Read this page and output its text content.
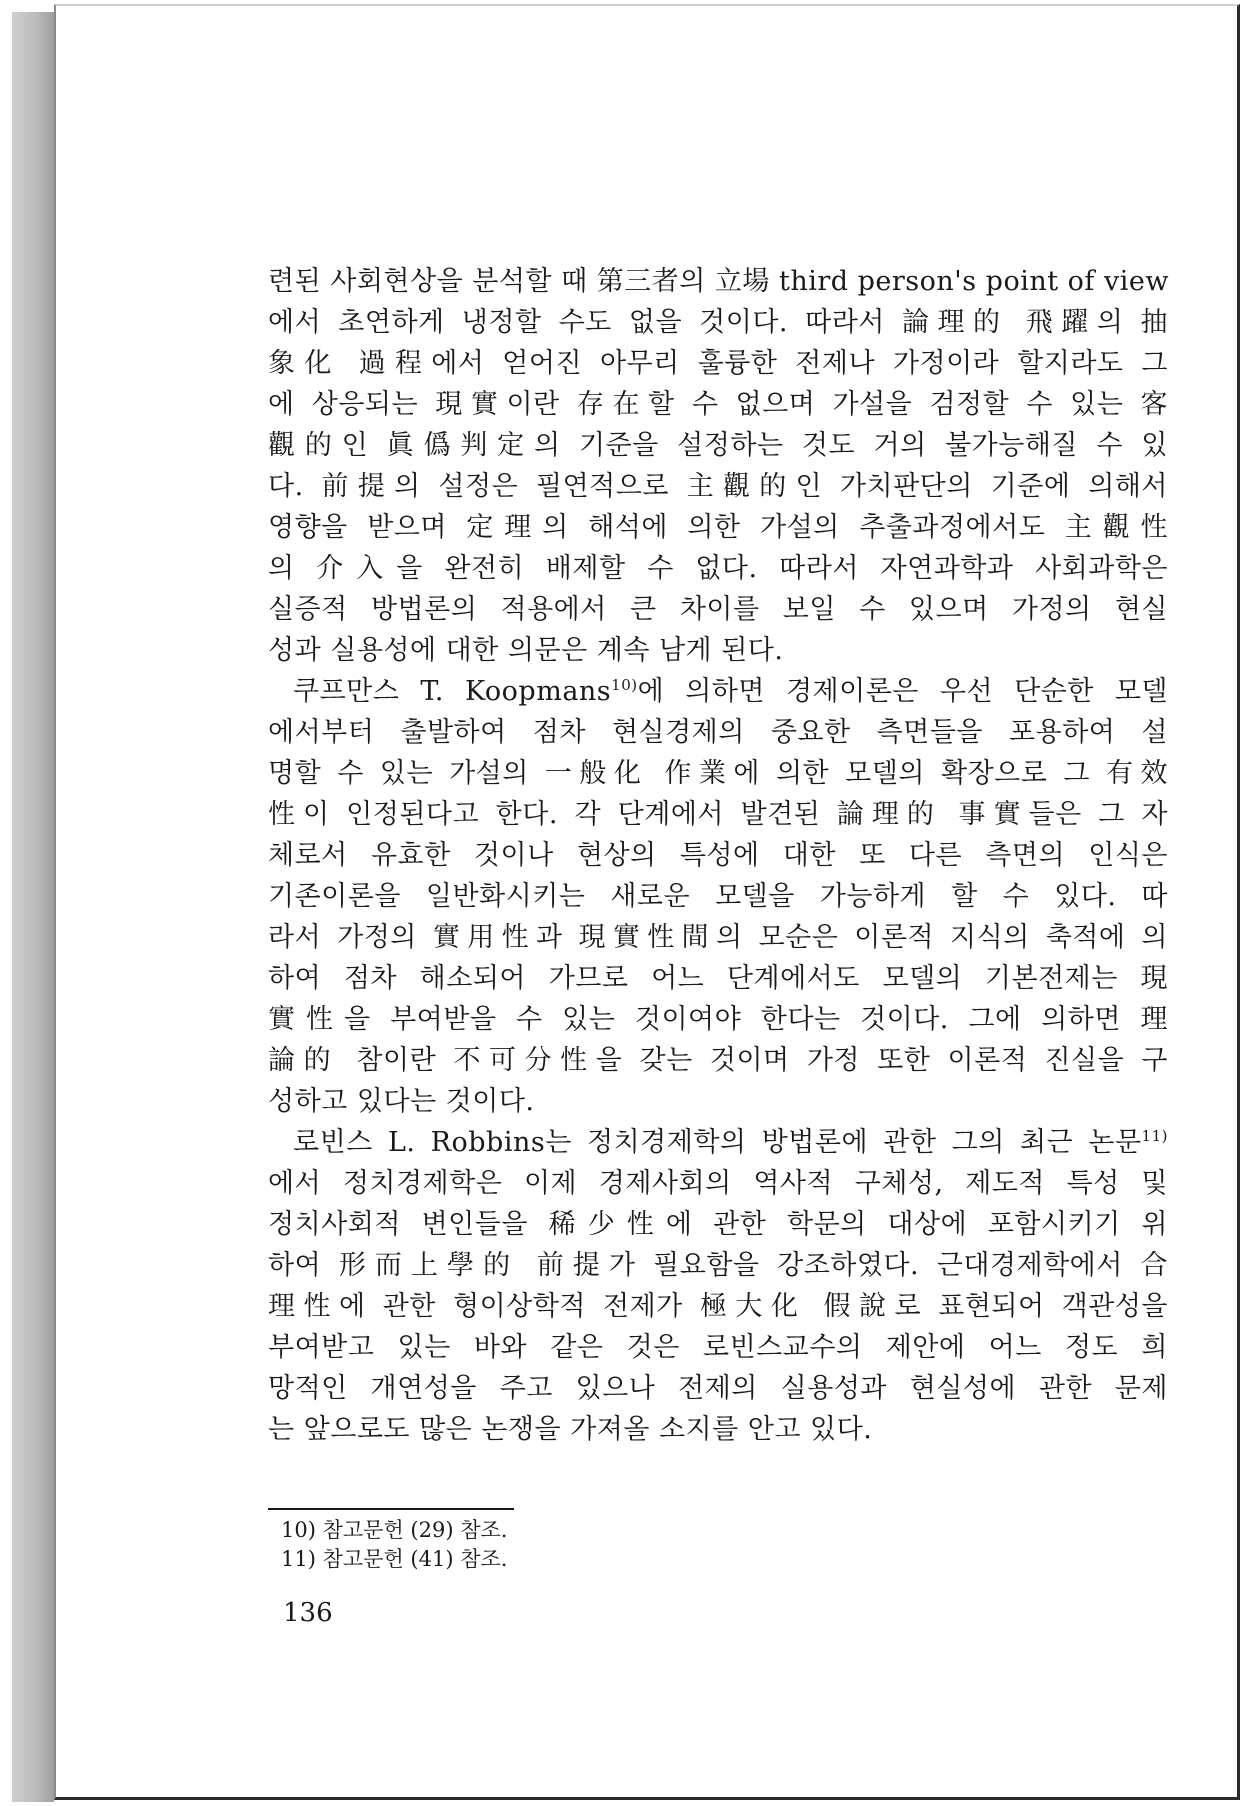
련된 사회현상을 분석할 때 第三者의 立場 third person's point of view
에서 초연하게 냉정할 수도 없을 것이다. 따라서 論理的 飛躍의 抽
象化 過程에서 얻어진 아무리 훌륭한 전제나 가정이라 할지라도 그
에 상응되는 現實이란 存在할 수 없으며 가설을 검정할 수 있는 客
觀的인 眞僞判定의 기준을 설정하는 것도 거의 불가능해질 수 있
다. 前提의 설정은 필연적으로 主觀的인 가치판단의 기준에 의해서
영향을 받으며 定理의 해석에 의한 가설의 추출과정에서도 主觀性
의 介入을 완전히 배제할 수 없다. 따라서 자연과학과 사회과학은
실증적 방법론의 적용에서 큰 차이를 보일 수 있으며 가정의 현실
성과 실용성에 대한 의문은 계속 남게 된다.
쿠프만스 T. Koopmans$^{10)}$에 의하면 경제이론은 우선 단순한 모델
에서부터 출발하여 점차 현실경제의 중요한 측면들을 포용하여 설
명할 수 있는 가설의 一般化 作業에 의한 모델의 확장으로 그 有效
性이 인정된다고 한다. 각 단계에서 발견된 論理的 事實들은 그 자
체로서 유효한 것이나 현상의 특성에 대한 또 다른 측면의 인식은
기존이론을 일반화시키는 새로운 모델을 가능하게 할 수 있다. 따
라서 가정의 實用性과 現實性間의 모순은 이론적 지식의 축적에 의
하여 점차 해소되어 가므로 어느 단계에서도 모델의 기본전제는 現
實性을 부여받을 수 있는 것이여야 한다는 것이다. 그에 의하면 理
論的 참이란 不可分性을 갖는 것이며 가정 또한 이론적 진실을 구
성하고 있다는 것이다.
로빈스 L. Robbins는 정치경제학의 방법론에 관한 그의 최근 논문$^{11)}$
에서 정치경제학은 이제 경제사회의 역사적 구체성, 제도적 특성 및
정치사회적 변인들을 稀少性에 관한 학문의 대상에 포함시키기 위
하여 形而上學的 前提가 필요함을 강조하였다. 근대경제학에서 合
理性에 관한 형이상학적 전제가 極大化 假說로 표현되어 객관성을
부여받고 있는 바와 같은 것은 로빈스교수의 제안에 어느 정도 희
망적인 개연성을 주고 있으나 전제의 실용성과 현실성에 관한 문제
는 앞으로도 많은 논쟁을 가져올 소지를 안고 있다.
10) 참고문헌 (29) 참조.
11) 참고문헌 (41) 참조.
136
